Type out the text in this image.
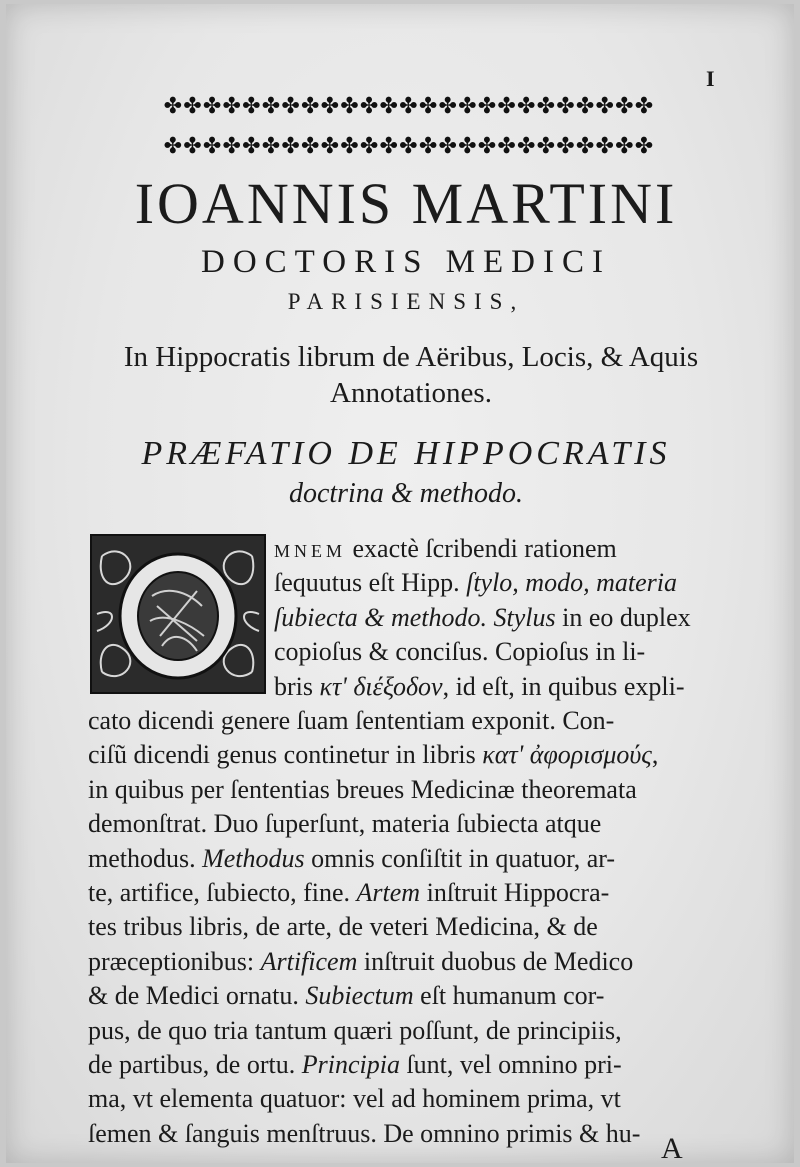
I
✤✤✤✤✤✤✤✤✤✤✤✤✤✤✤✤✤✤✤✤✤✤✤✤✤
✤✤✤✤✤✤✤✤✤✤✤✤✤✤✤✤✤✤✤✤✤✤✤✤✤
IOANNIS MARTINI
DOCTORIS MEDICI
PARISIENSIS,
In Hippocratis librum de Aëribus, Locis, & Aquis
Annotationes.
PRÆFATIO DE HIPPOCRATIS
doctrina & methodo.
MNEM exactè ſcribendi rationem
ſequutus eſt Hipp. ſtylo, modo, materia
ſubiecta & methodo. Stylus in eo duplex
copioſus & conciſus. Copioſus in li-
bris κτ' διέξοδον, id eſt, in quibus expli-
cato dicendi genere ſuam ſententiam exponit. Con-
ciſũ dicendi genus continetur in libris κατ' ἀφορισμούς,
in quibus per ſententias breues Medicinæ theoremata
demonſtrat. Duo ſuperſunt, materia ſubiecta atque
methodus. Methodus omnis conſiſtit in quatuor, ar-
te, artifice, ſubiecto, fine. Artem inſtruit Hippocra-
tes tribus libris, de arte, de veteri Medicina, & de
præceptionibus: Artificem inſtruit duobus de Medico
& de Medici ornatu. Subiectum eſt humanum cor-
pus, de quo tria tantum quæri poſſunt, de principiis,
de partibus, de ortu. Principia ſunt, vel omnino pri-
ma, vt elementa quatuor: vel ad hominem prima, vt
ſemen & ſanguis menſtruus. De omnino primis & hu- A
